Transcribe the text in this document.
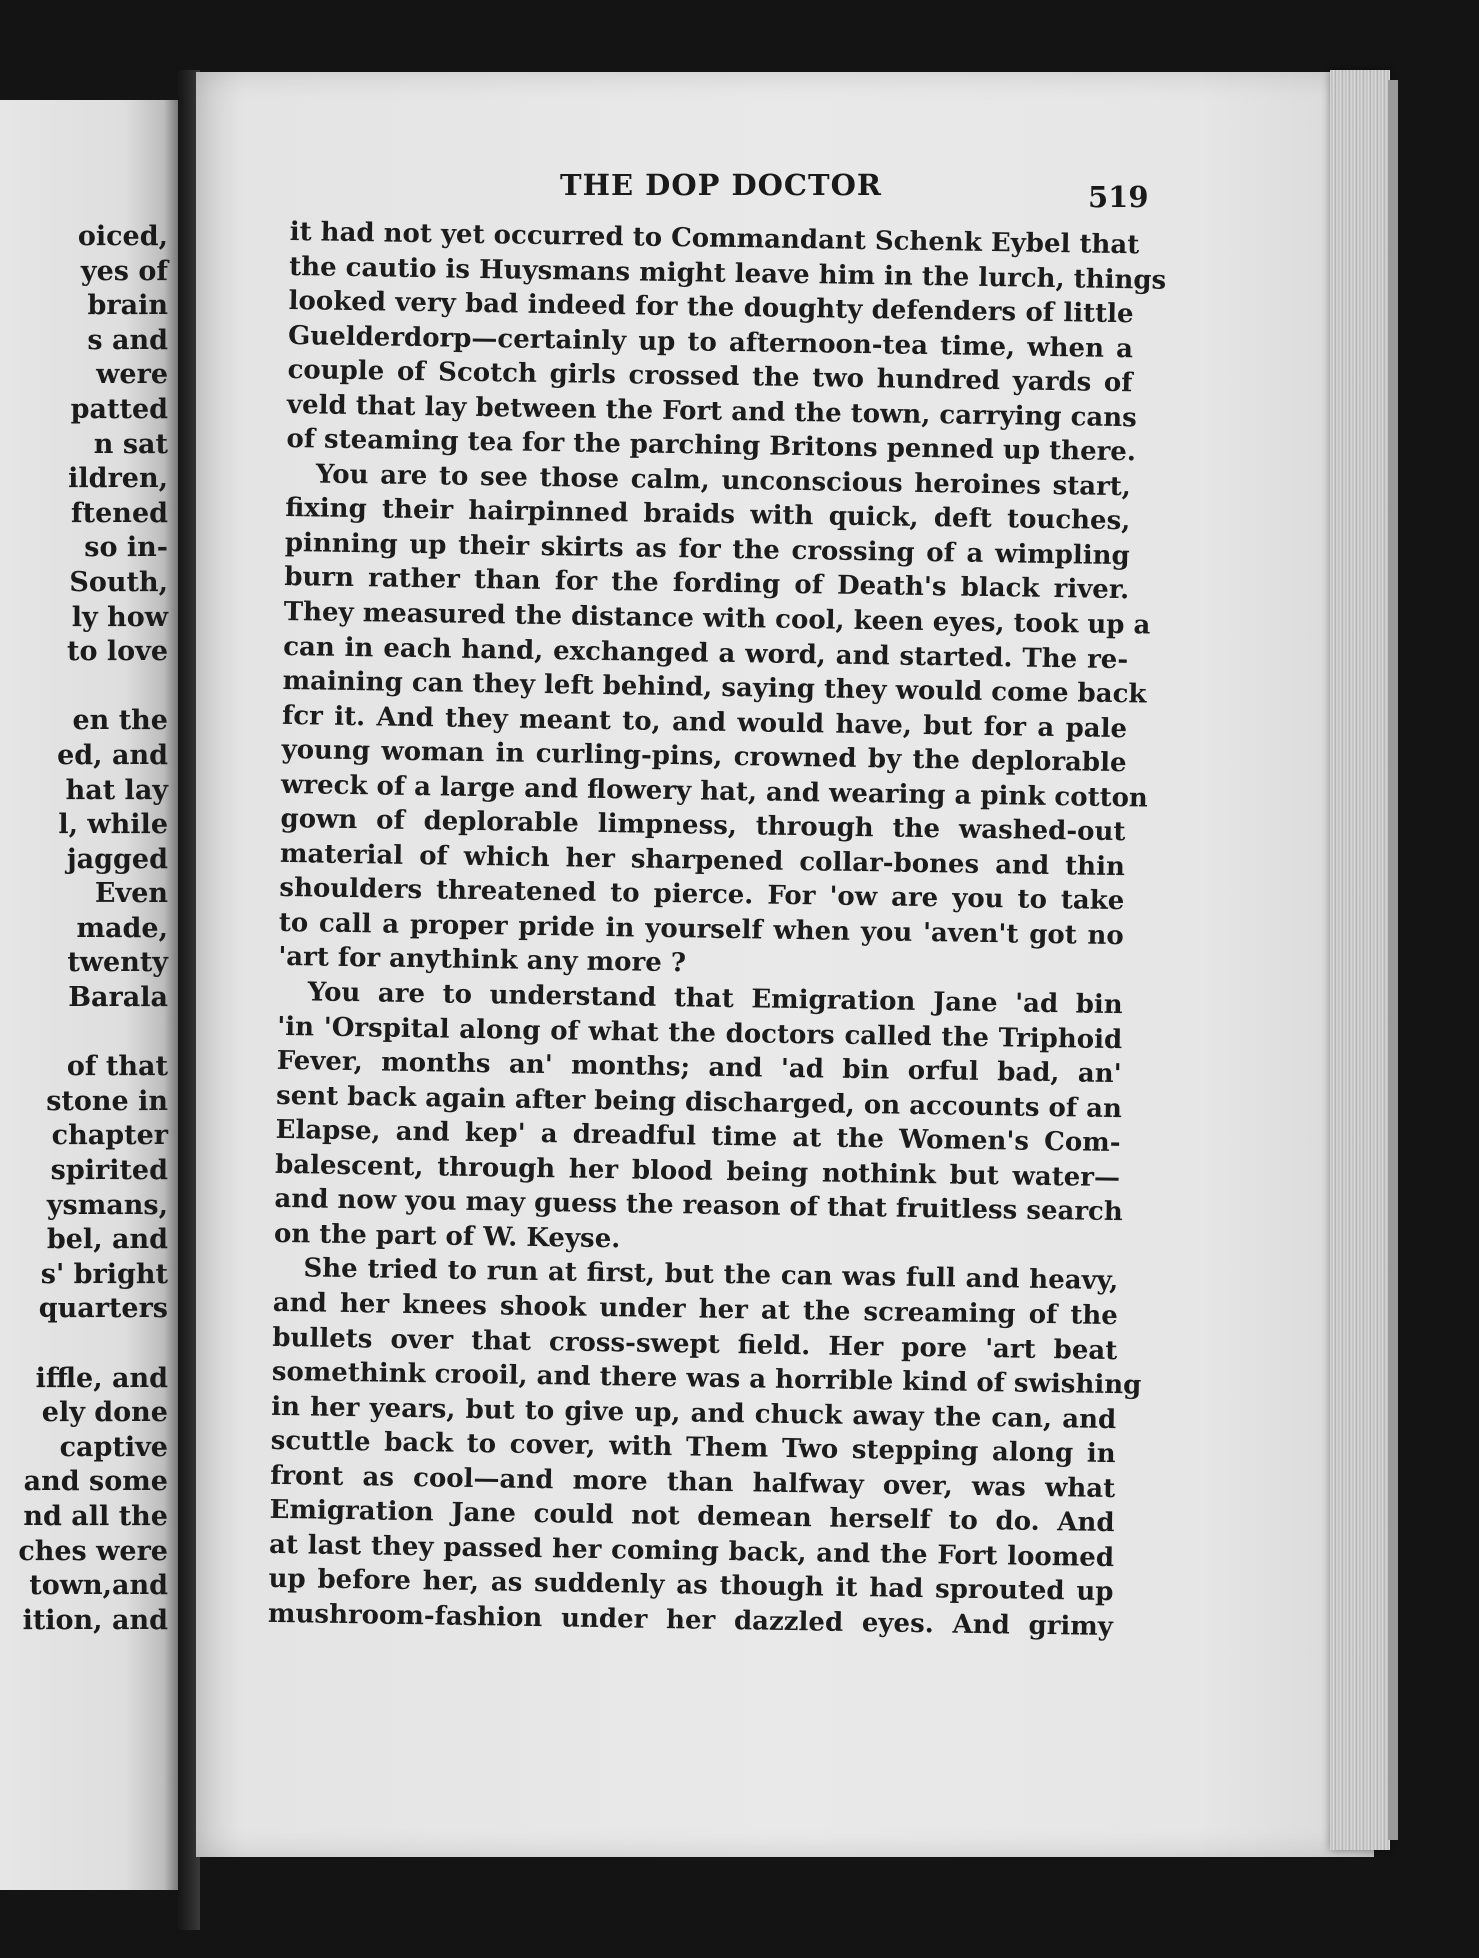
oiced,
yes of
brain
s and
were
patted
n sat
ildren,
ftened
so in-
South,
ly how
to love

en the
ed, and
hat lay
l, while
jagged
Even
made,
twenty
Barala

of that
stone in
chapter
spirited
ysmans,
bel, and
s' bright
quarters

iffle, and
ely done
captive
and some
nd all the
ches were
town,and
ition, and
THE DOP DOCTOR	519
it had not yet occurred to Commandant Schenk Eybel that
the cautio is Huysmans might leave him in the lurch, things
looked very bad indeed for the doughty defenders of little
Guelderdorp—certainly up to afternoon-tea time, when a
couple of Scotch girls crossed the two hundred yards of
veld that lay between the Fort and the town, carrying cans
of steaming tea for the parching Britons penned up there.
You are to see those calm, unconscious heroines start,
fixing their hairpinned braids with quick, deft touches,
pinning up their skirts as for the crossing of a wimpling
burn rather than for the fording of Death's black river.
They measured the distance with cool, keen eyes, took up a
can in each hand, exchanged a word, and started. The re-
maining can they left behind, saying they would come back
fcr it. And they meant to, and would have, but for a pale
young woman in curling-pins, crowned by the deplorable
wreck of a large and flowery hat, and wearing a pink cotton
gown of deplorable limpness, through the washed-out
material of which her sharpened collar-bones and thin
shoulders threatened to pierce. For 'ow are you to take
to call a proper pride in yourself when you 'aven't got no
'art for anythink any more ?
You are to understand that Emigration Jane 'ad bin
'in 'Orspital along of what the doctors called the Triphoid
Fever, months an' months; and 'ad bin orful bad, an'
sent back again after being discharged, on accounts of an
Elapse, and kep' a dreadful time at the Women's Com-
balescent, through her blood being nothink but water—
and now you may guess the reason of that fruitless search
on the part of W. Keyse.
She tried to run at first, but the can was full and heavy,
and her knees shook under her at the screaming of the
bullets over that cross-swept field. Her pore 'art beat
somethink crooil, and there was a horrible kind of swishing
in her years, but to give up, and chuck away the can, and
scuttle back to cover, with Them Two stepping along in
front as cool—and more than halfway over, was what
Emigration Jane could not demean herself to do. And
at last they passed her coming back, and the Fort loomed
up before her, as suddenly as though it had sprouted up
mushroom-fashion under her dazzled eyes. And grimy
